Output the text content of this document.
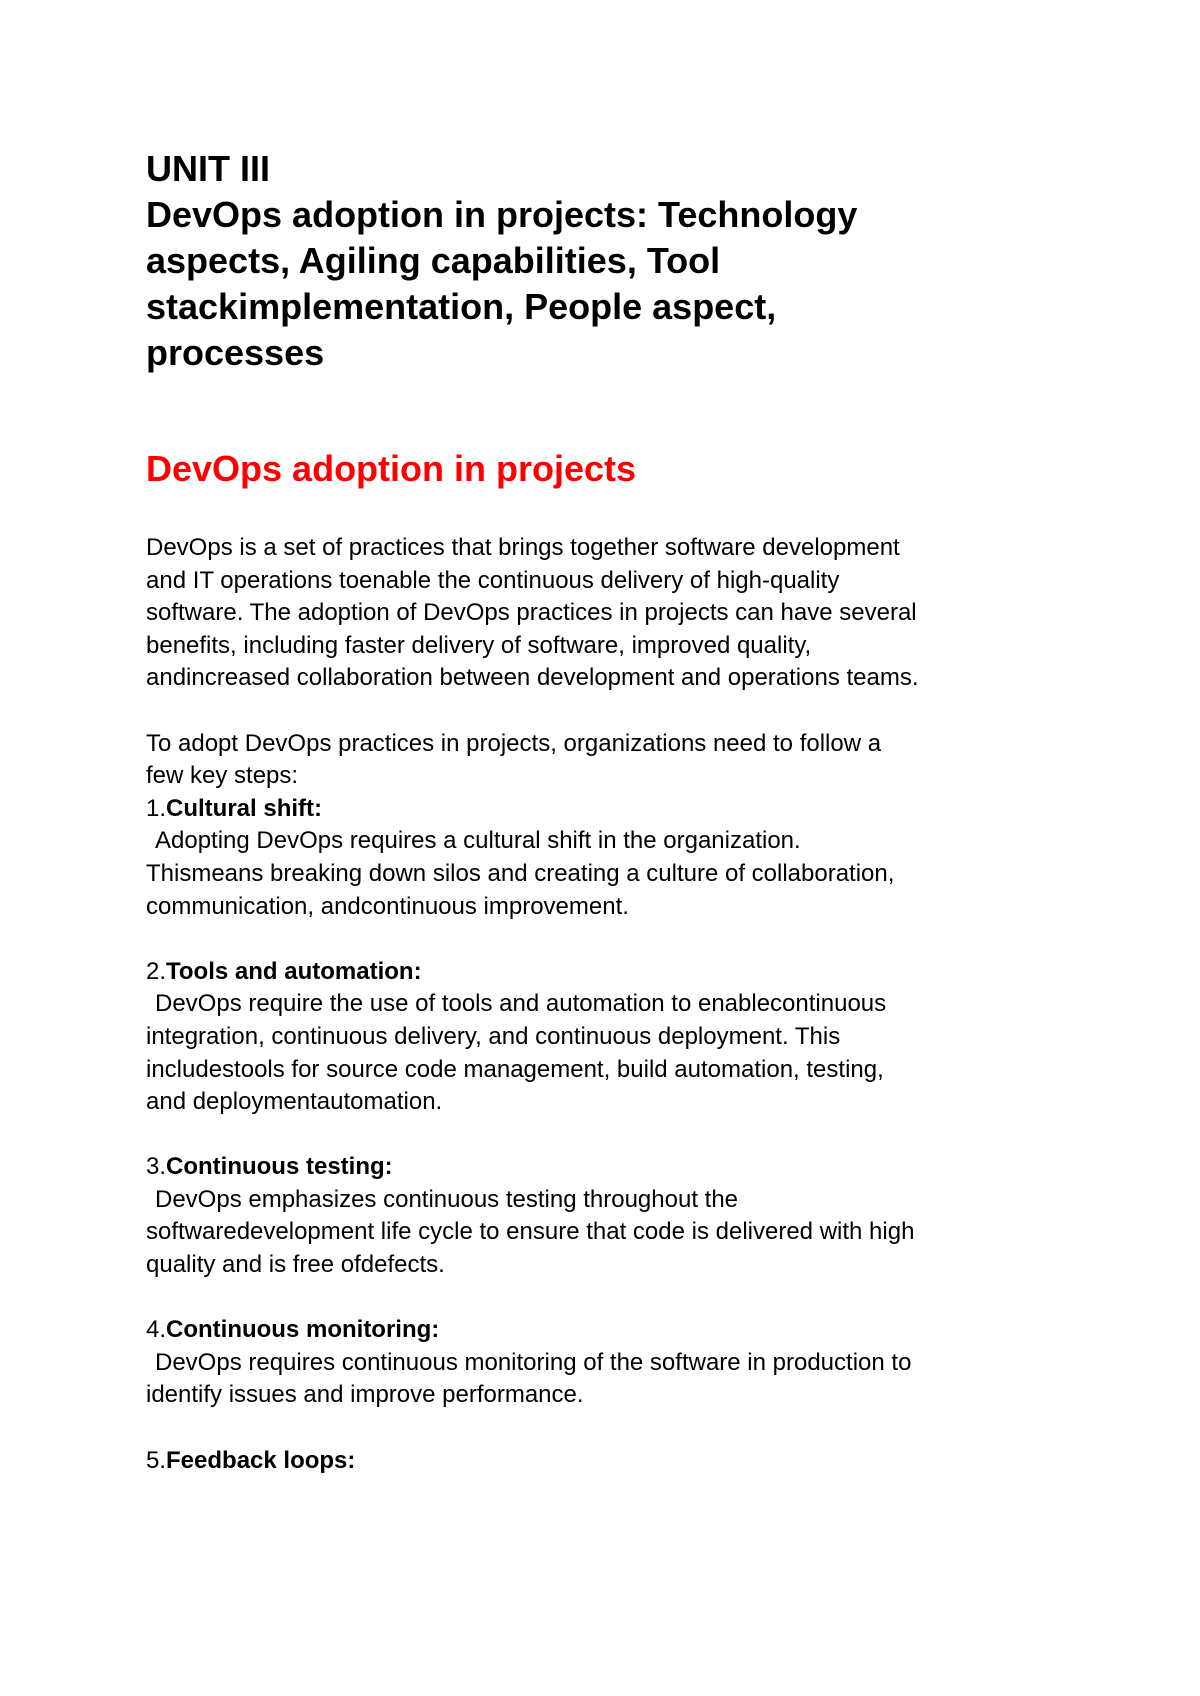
UNIT III
DevOps adoption in projects: Technology
aspects, Agiling capabilities, Tool
stackimplementation, People aspect,
processes
DevOps adoption in projects
DevOps is a set of practices that brings together software development
and IT operations toenable the continuous delivery of high-quality
software. The adoption of DevOps practices in projects can have several
benefits, including faster delivery of software, improved quality,
andincreased collaboration between development and operations teams.
To adopt DevOps practices in projects, organizations need to follow a
few key steps:
1.Cultural shift:
Adopting DevOps requires a cultural shift in the organization.
Thismeans breaking down silos and creating a culture of collaboration,
communication, andcontinuous improvement.
2.Tools and automation:
DevOps require the use of tools and automation to enablecontinuous
integration, continuous delivery, and continuous deployment. This
includestools for source code management, build automation, testing,
and deploymentautomation.
3.Continuous testing:
DevOps emphasizes continuous testing throughout the
softwaredevelopment life cycle to ensure that code is delivered with high
quality and is free ofdefects.
4.Continuous monitoring:
DevOps requires continuous monitoring of the software in production to
identify issues and improve performance.
5.Feedback loops:
